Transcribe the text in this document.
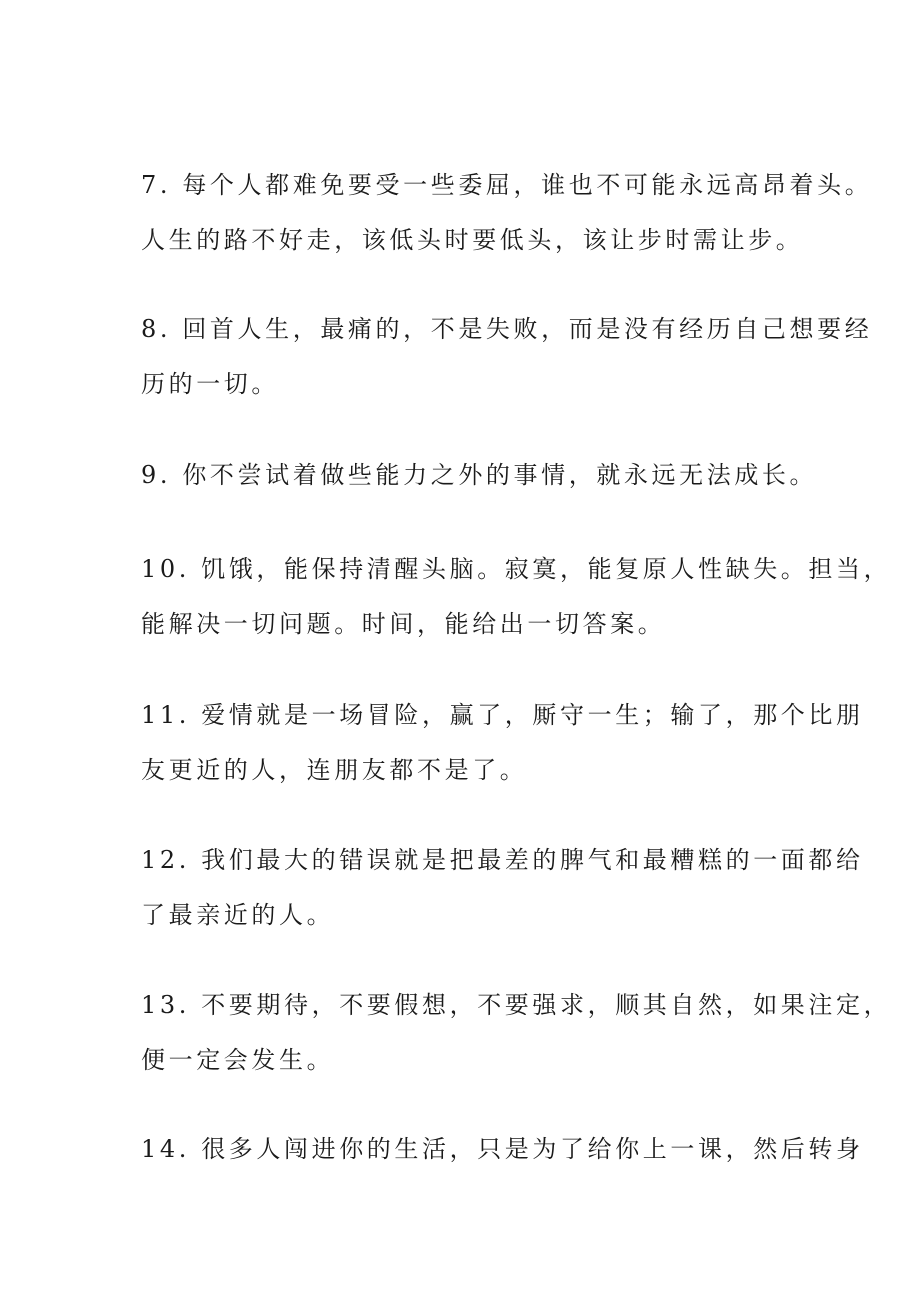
7. 每个人都难免要受一些委屈，谁也不可能永远高昂着头。
人生的路不好走，该低头时要低头，该让步时需让步。

8. 回首人生，最痛的，不是失败，而是没有经历自己想要经
历的一切。

9. 你不尝试着做些能力之外的事情，就永远无法成长。

10. 饥饿，能保持清醒头脑。寂寞，能复原人性缺失。担当，
能解决一切问题。时间，能给出一切答案。

11. 爱情就是一场冒险，赢了，厮守一生；输了，那个比朋
友更近的人，连朋友都不是了。

12. 我们最大的错误就是把最差的脾气和最糟糕的一面都给
了最亲近的人。

13. 不要期待，不要假想，不要强求，顺其自然，如果注定，
便一定会发生。

14. 很多人闯进你的生活，只是为了给你上一课，然后转身
